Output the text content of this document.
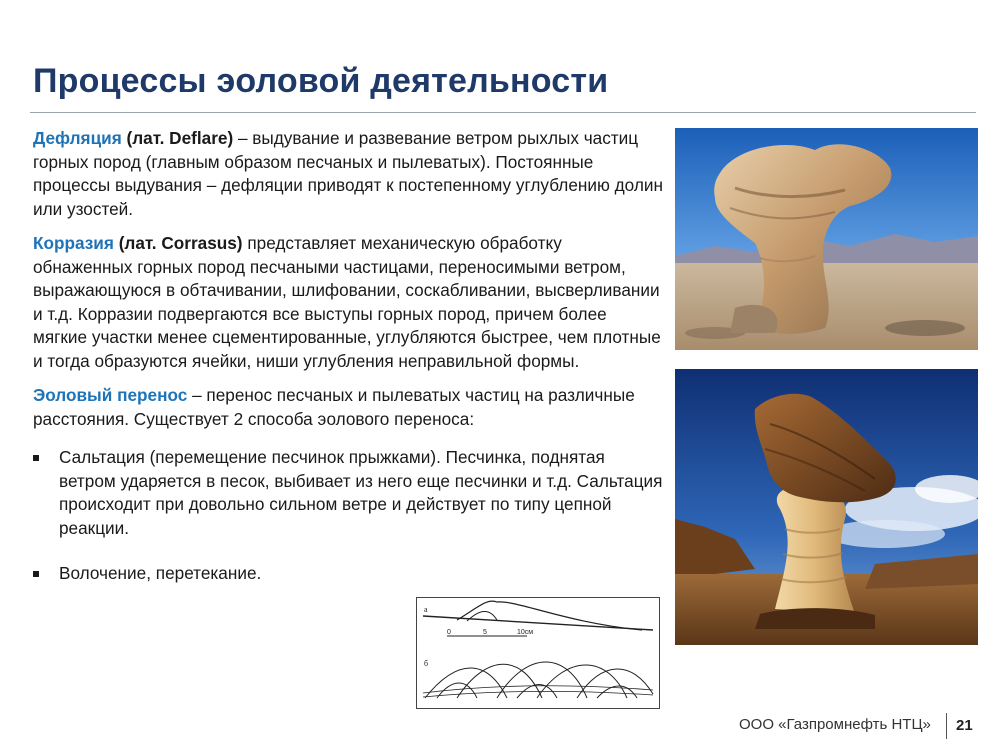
Процессы эоловой деятельности

Дефляция (лат. Deflare) – выдувание и развевание ветром рыхлых частиц горных пород (главным образом песчаных и пылеватых). Постоянные процессы выдувания – дефляции приводят к постепенному углублению долин или узостей.

Корразия (лат. Corrasus) представляет механическую обработку обнаженных горных пород песчаными частицами, переносимыми ветром, выражающуюся в обтачивании, шлифовании, соскабливании, высверливании и т.д. Корразии подвергаются все выступы горных пород, причем более мягкие участки менее сцементированные, углубляются быстрее, чем плотные и тогда образуются ячейки, ниши углубления неправильной формы.

Эоловый перенос – перенос песчаных и пылеватых частиц на различные расстояния. Существует 2 способа эолового переноса:

Сальтация (перемещение песчинок прыжками). Песчинка, поднятая ветром ударяется в песок, выбивает из него еще песчинки и т.д. Сальтация происходит при довольно сильном ветре и действует по типу цепной реакции.
Волочение, перетекание.
а
0	5	10см
б
ООО «Газпромнефть НТЦ» 21
